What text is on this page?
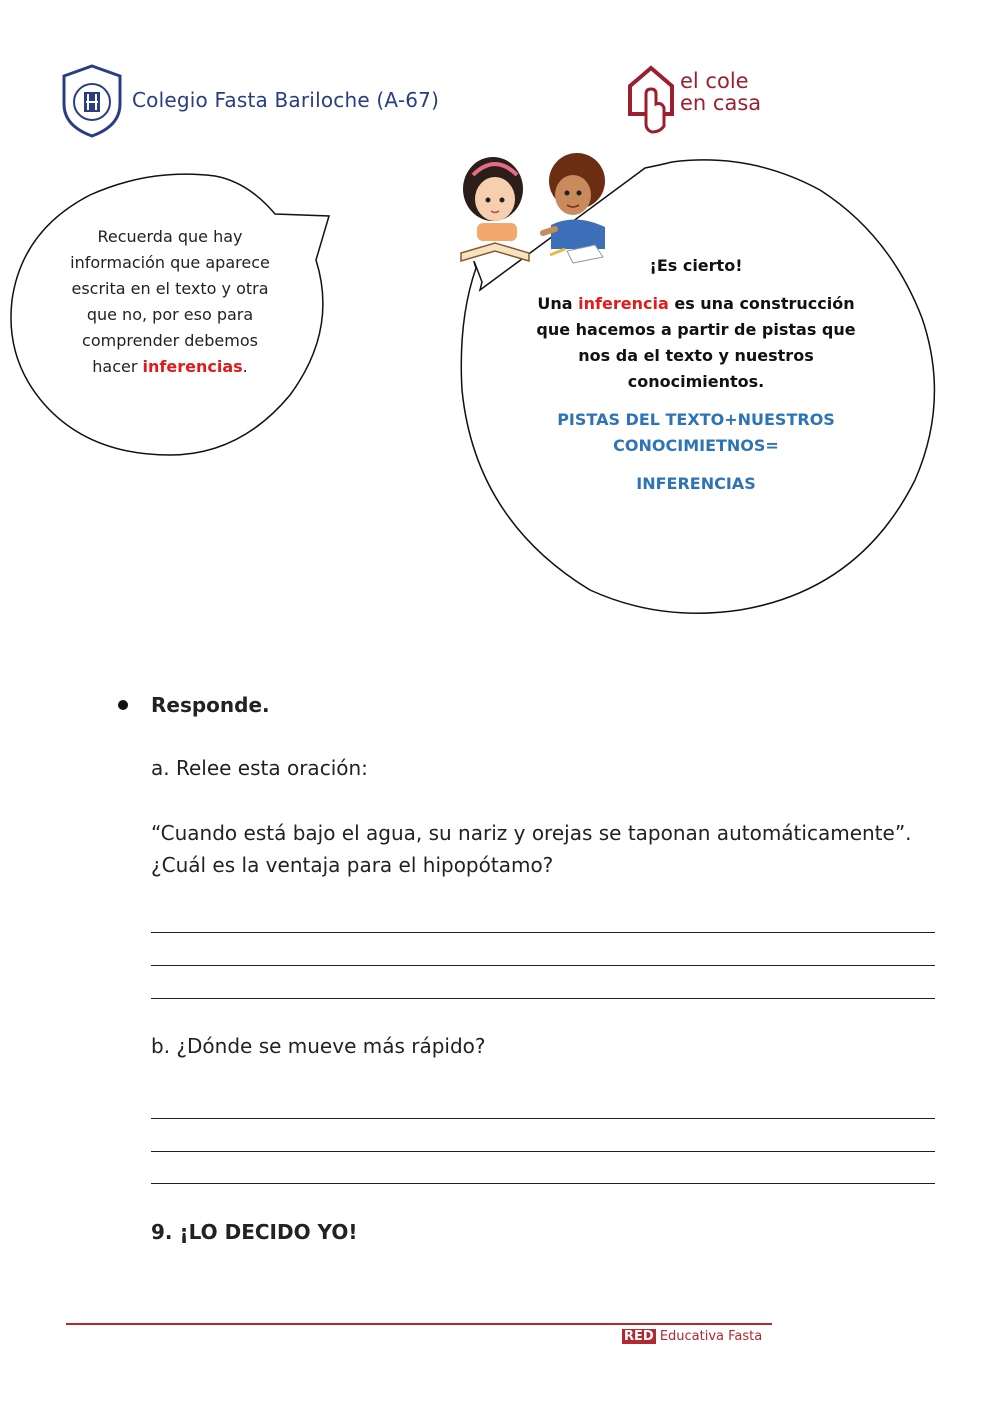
Colegio Fasta Bariloche (A-67)
el cole
en casa
Recuerda que hay información que aparece escrita en el texto y otra que no, por eso para comprender debemos hacer inferencias.

¡Es cierto!

Una inferencia es una construcción que hacemos a partir de pistas que nos da el texto y nuestros conocimientos.

PISTAS DEL TEXTO+NUESTROS CONOCIMIETNOS=

INFERENCIAS

Responde.
a. Relee esta oración:
“Cuando está bajo el agua, su nariz y orejas se taponan automáticamente”.
¿Cuál es la ventaja para el hipopótamo?
b. ¿Dónde se mueve más rápido?
9. ¡LO DECIDO YO!
RED Educativa Fasta
